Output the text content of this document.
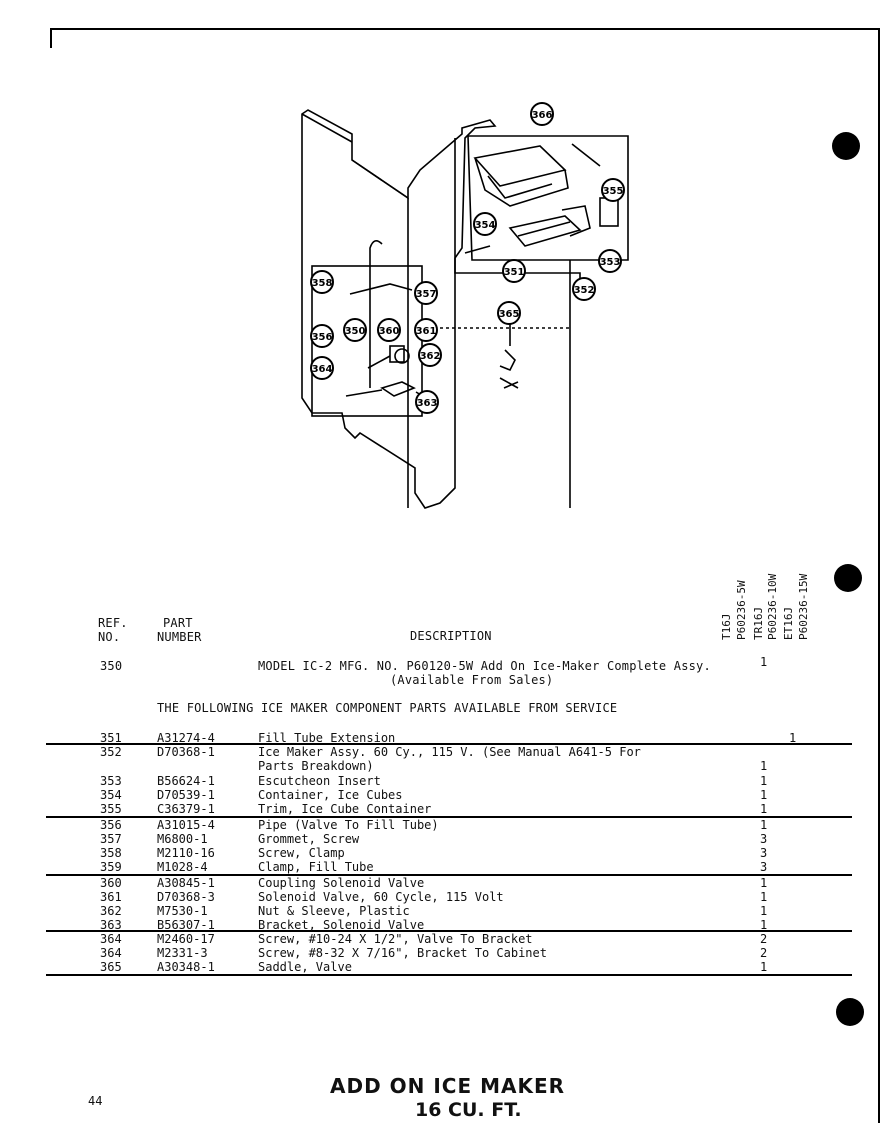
366
355
354
353
351
352
365
358
357
356
350 360 361
362
364
363
REF.
NO.
PART
NUMBER	DESCRIPTION	T16J P60236-5W TR16J P60236-10W ET16J P60236-15W
350	MODEL IC-2 MFG. NO. P60120-5W Add On Ice-Maker Complete Assy.
(Available From Sales)
1
THE FOLLOWING ICE MAKER COMPONENT PARTS AVAILABLE FROM SERVICE
351	A31274-4	Fill Tube Extension	1
352	D70368-1	Ice Maker Assy. 60 Cy., 115 V. (See Manual A641-5 For
Parts Breakdown)	1
353	B56624-1	Escutcheon Insert	1
354	D70539-1	Container, Ice Cubes	1
355	C36379-1	Trim, Ice Cube Container	1
356	A31015-4	Pipe (Valve To Fill Tube)	1
357	M6800-1	Grommet, Screw	3
358	M2110-16	Screw, Clamp	3
359	M1028-4	Clamp, Fill Tube	3
360	A30845-1	Coupling Solenoid Valve	1
361	D70368-3	Solenoid Valve, 60 Cycle, 115 Volt	1
362	M7530-1	Nut & Sleeve, Plastic	1
363	B56307-1	Bracket, Solenoid Valve	1
364	M2460-17	Screw, #10-24 X 1/2", Valve To Bracket	2
364	M2331-3	Screw, #8-32 X 7/16", Bracket To Cabinet	2
365	A30348-1	Saddle, Valve	1
44
ADD ON ICE MAKER
16 CU. FT.
